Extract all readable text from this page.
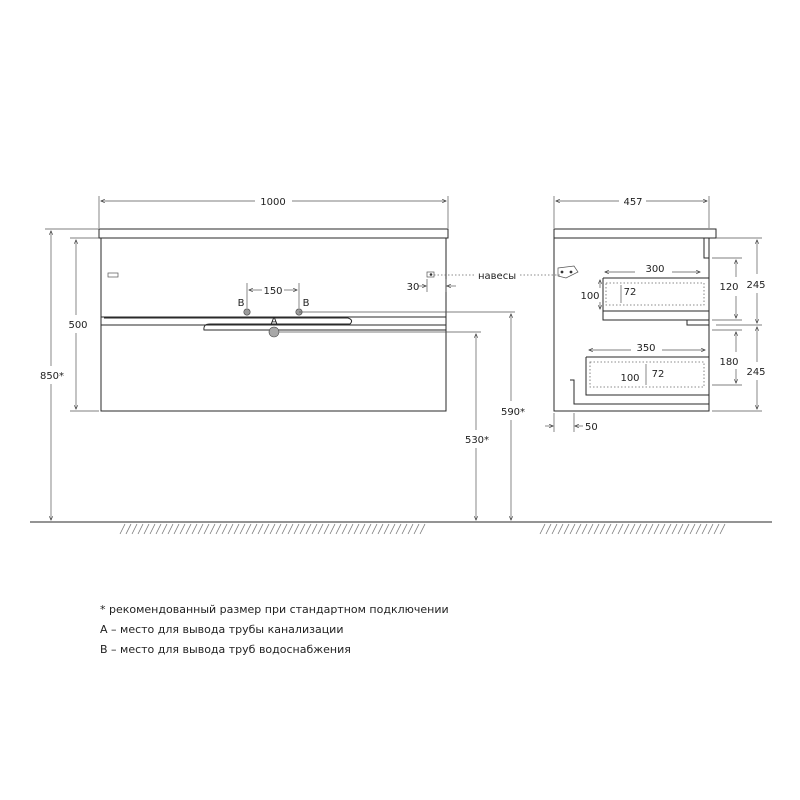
1000
500
850*
150
B	B
A
30
навесы
590*
530*
457
300
100 72	120 245
350
180
245
72
100
50
* рекомендованный размер при стандартном подключении
A – место для вывода трубы канализации
B – место для вывода труб водоснабжения
